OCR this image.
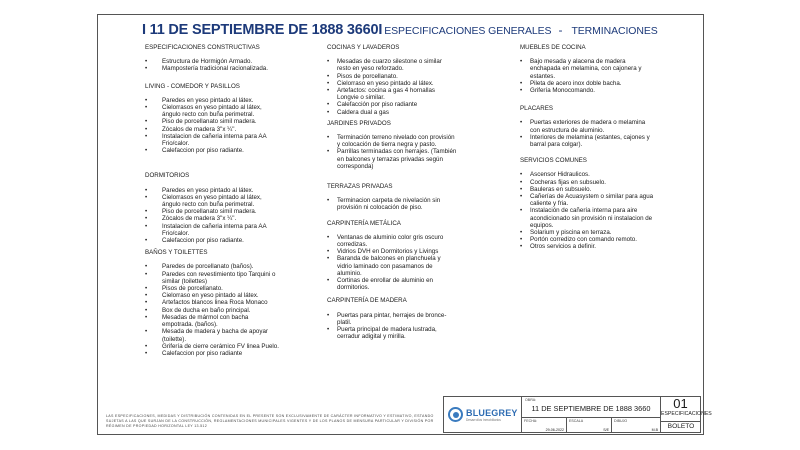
I 11 DE SEPTIEMBRE DE 1888 3660I ESPECIFICACIONES GENERALES - TERMINACIONES
ESPECIFICACIONES CONSTRUCTIVAS
• Estructura de Hormigón Armado.
• Mampostería tradicional racionalizada.
LIVING - COMEDOR Y PASILLOS
• Paredes en yeso pintado al látex.
• Cielorrasos en yeso pintado al látex, ángulo recto con buña perimetral.
• Piso de porcellanato simil madera.
• Zócalos de madera 3"x ¼".
• Instalacion de cañeria interna para AA Frio/calor.
• Calefaccion por piso radiante.
DORMITORIOS
• Paredes en yeso pintado al látex.
• Cielorrasos en yeso pintado al látex, ángulo recto con buña perimetral.
• Piso de porcellanato simil madera.
• Zócalos de madera 3"x ¼".
• Instalacion de cañeria interna para AA Frio/calor.
• Calefaccion por piso radiante.
BAÑOS Y TOILETTES
• Paredes de porcellanato (baños).
• Paredes con revestimiento tipo Tarquini o similar (toilettes)
• Pisos de porcellanato.
• Cielorraso en yeso pintado al látex.
• Artefactos blancos linea Roca Monaco
• Box de ducha en baño principal.
• Mesadas de mármol con bacha empotrada. (baños).
• Mesada de madera y bacha de apoyar (toilette).
• Grifería de cierre cerámico FV linea Puelo.
• Calefaccion por piso radiante
COCINAS Y LAVADEROS
• Mesadas de cuarzo silestone o similar resto en yeso reforzado.
• Pisos de porcellanato.
• Cielorraso en yeso pintado al látex.
• Artefactos: cocina a gas 4 hornallas Longvie o similar.
• Calefacción por piso radiante
• Caldera dual a gas
JARDINES PRIVADOS
• Terminación terreno nivelado con provisión y colocación de tierra negra y pasto.
• Parrillas terminadas con herrajes. (También en balcones y terrazas privadas según corresponda)
TERRAZAS PRIVADAS
• Terminacion carpeta de nivelación sin provisión ni colocación de piso.
CARPINTERÍA METÁLICA
• Ventanas de aluminio color gris oscuro corredizas.
• Vidrios DVH en Dormitorios y Livings
• Baranda de balcones en planchuela y vidrio laminado con pasamanos de aluminio.
• Cortinas de enrollar de aluminio en dormitorios.
CARPINTERÍA DE MADERA
• Puertas para pintar, herrajes de bronce-platil.
• Puerta principal de madera lustrada, cerradur adigital y mirilla.
MUEBLES DE COCINA
• Bajo mesada y alacena de madera enchapada en melamina, con cajonera y estantes.
• Pileta de acero inox doble bacha.
• Grifería Monocomando.
PLACARES
• Puertas exteriores de madera o melamina con estructura de aluminio.
• Interiores de melamina (estantes, cajones y barral para colgar).
SERVICIOS COMUNES
• Ascensor Hidraulicos.
• Cocheras fijas en subsuelo.
• Bauleras en subsuelo.
• Cañerías de Acuasystem o similar para agua caliente y fria.
• Instalación de cañería interna para aire acondicionado sin provisión ni instalacion de equipos.
• Solarium y piscina en terraza.
• Portón corredizo con comando remoto.
• Otros servicios a definir.
LAS ESPECIFICACIONES, MEDIDAS Y DISTRIBUCIÓN CONTENIDAS EN EL PRESENTE SON EXCLUSIVAMENTE DE CARÁCTER INFORMATIVO Y ESTIMATIVO, ESTANDO SUJETAS A LAS QUE SURJAN DE LA CONSTRUCCIÓN, REGLAMENTACIONES MUNICIPALES VIGENTES Y DE LOS PLANOS DE MENSURA PARTICULAR Y DIVISIÓN POR RÉGIMEN DE PROPIEDAD HORIZONTAL LEY 13.512
BLUEGREY
Desarrollos Inmobiliarios
OBRA:
11 DE SEPTIEMBRE DE 1888 3660
FECHA:
29-06-2022
ESCALA
S/E
DIBUJO
M.B
01
ESPECIFICACIONES
BOLETO
